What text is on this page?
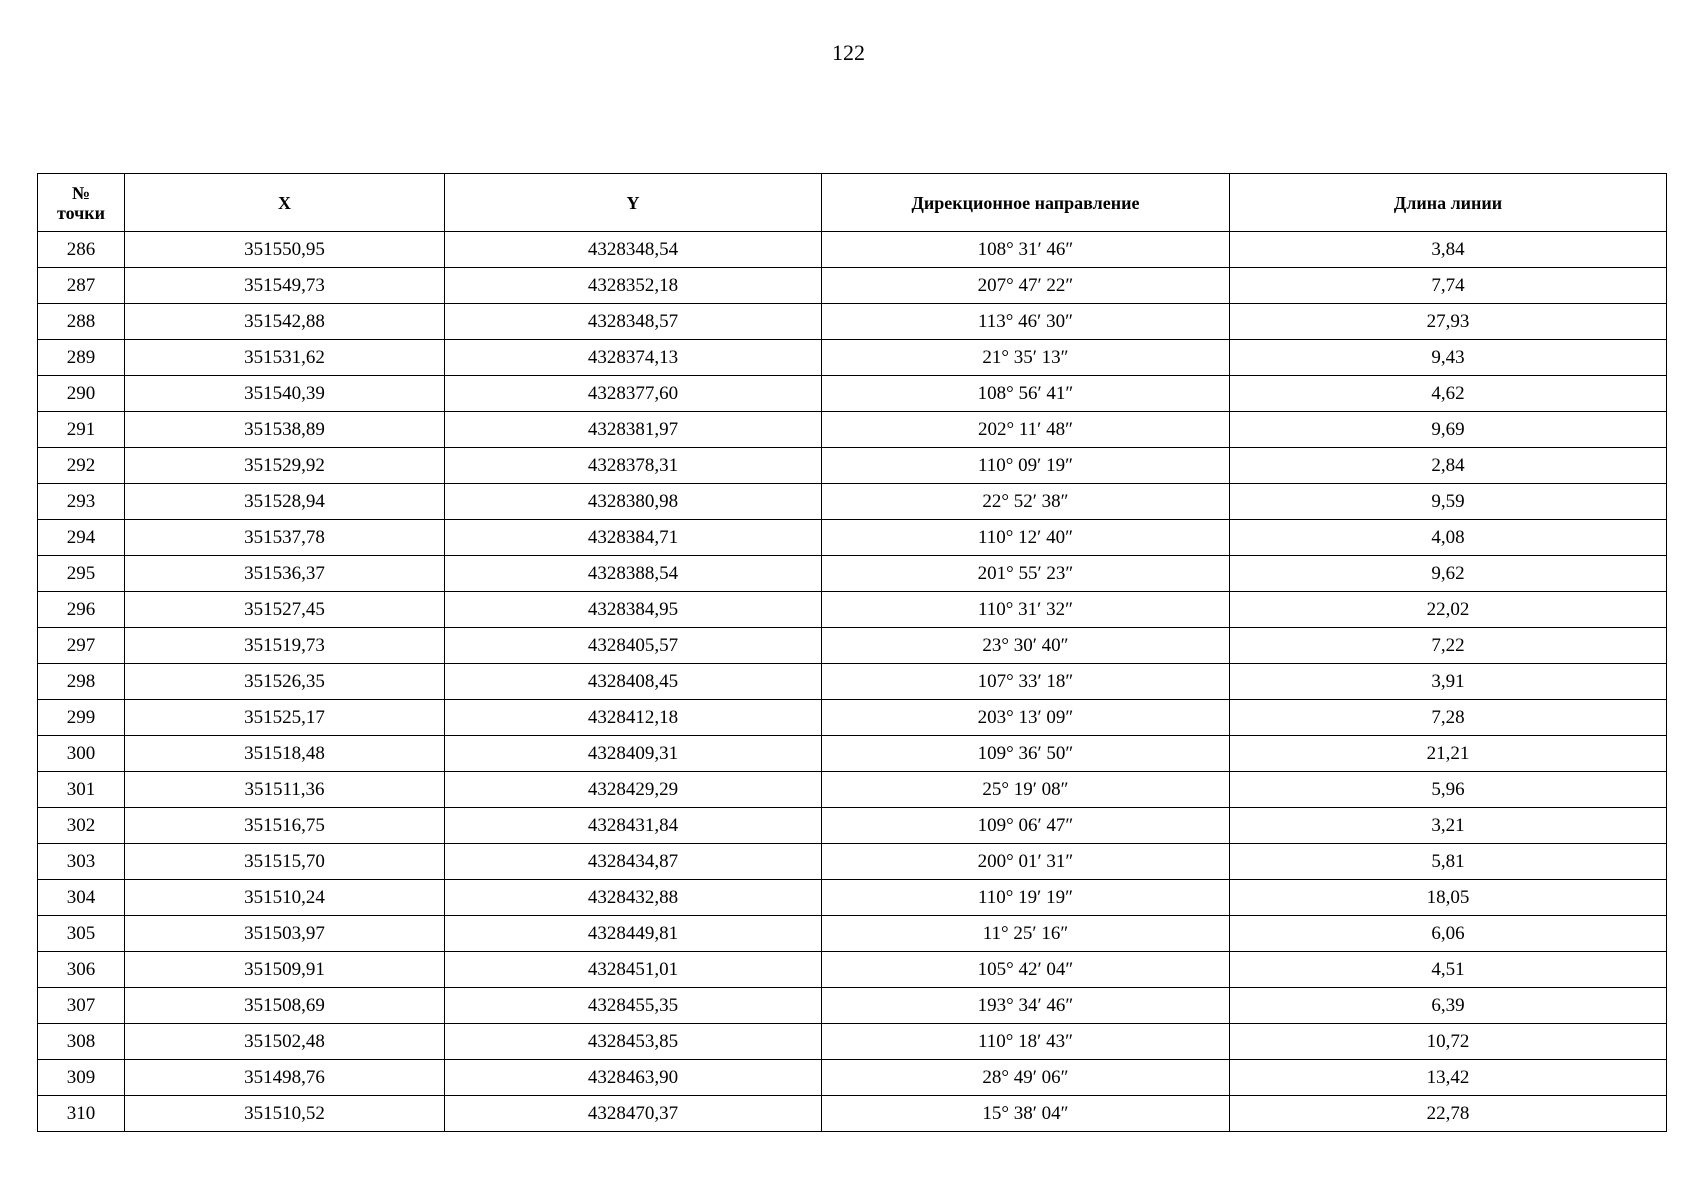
122
№
точки	X	Y	Дирекционное направление	Длина линии
286	351550,95	4328348,54	108° 31′ 46″	3,84
287	351549,73	4328352,18	207° 47′ 22″	7,74
288	351542,88	4328348,57	113° 46′ 30″	27,93
289	351531,62	4328374,13	21° 35′ 13″	9,43
290	351540,39	4328377,60	108° 56′ 41″	4,62
291	351538,89	4328381,97	202° 11′ 48″	9,69
292	351529,92	4328378,31	110° 09′ 19″	2,84
293	351528,94	4328380,98	22° 52′ 38″	9,59
294	351537,78	4328384,71	110° 12′ 40″	4,08
295	351536,37	4328388,54	201° 55′ 23″	9,62
296	351527,45	4328384,95	110° 31′ 32″	22,02
297	351519,73	4328405,57	23° 30′ 40″	7,22
298	351526,35	4328408,45	107° 33′ 18″	3,91
299	351525,17	4328412,18	203° 13′ 09″	7,28
300	351518,48	4328409,31	109° 36′ 50″	21,21
301	351511,36	4328429,29	25° 19′ 08″	5,96
302	351516,75	4328431,84	109° 06′ 47″	3,21
303	351515,70	4328434,87	200° 01′ 31″	5,81
304	351510,24	4328432,88	110° 19′ 19″	18,05
305	351503,97	4328449,81	11° 25′ 16″	6,06
306	351509,91	4328451,01	105° 42′ 04″	4,51
307	351508,69	4328455,35	193° 34′ 46″	6,39
308	351502,48	4328453,85	110° 18′ 43″	10,72
309	351498,76	4328463,90	28° 49′ 06″	13,42
310	351510,52	4328470,37	15° 38′ 04″	22,78
